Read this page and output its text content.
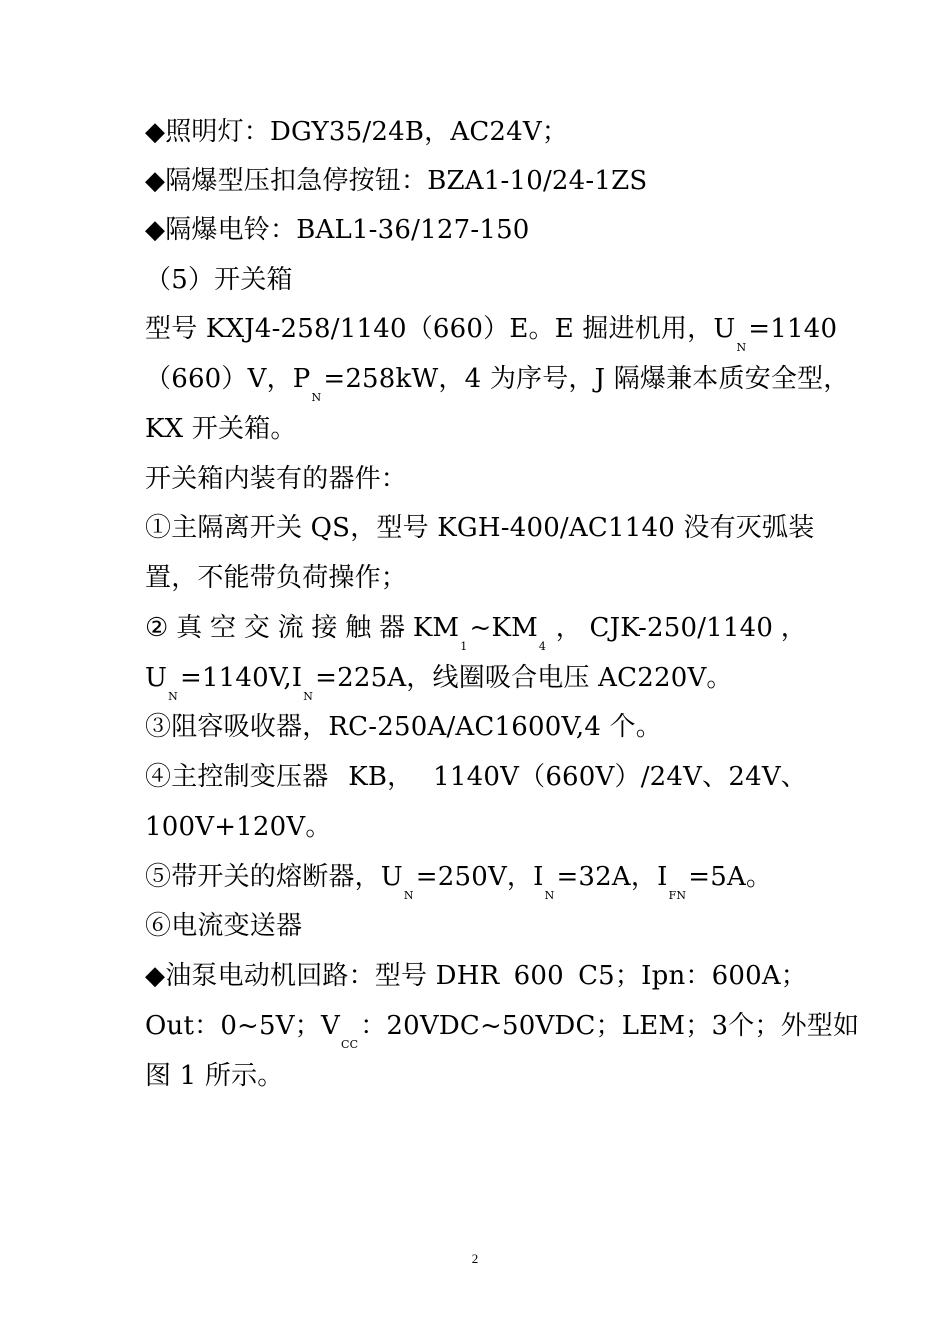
◆照明灯：DGY35/24B，AC24V；
◆隔爆型压扣急停按钮：BZA1-10/24-1ZS
◆隔爆电铃：BAL1-36/127-150
（5）开关箱
型号 KXJ4-258/1140（660）E。E 掘进机用，$U_N=1140$
（660）V，$P_N=258kW$，4 为序号，J 隔爆兼本质安全型，
KX 开关箱。
开关箱内装有的器件：
①主隔离开关 QS，型号 KGH-400/AC1140 没有灭弧装
置，不能带负荷操作；
② 真 空 交 流 接 触 器 $KM_1\sim KM_4$
， CJK-250/1140 ，
$U_N=1140V,I_N=225A$，线圈吸合电压 AC220V。
③阻容吸收器，RC-250A/AC1600V,4 个。
④主控制变压器 KB， 1140V（660V）/24V、24V、
100V+120V。
⑤带开关的熔断器，$U_N=250V$，$I_N=32A$，$I_{FN}=5A$。
⑥电流变送器
◆油泵电动机回路：型号 DHR 600 C5；Ipn：600A；
Out： 0~5V； $V_{CC}$： 20VDC~50VDC ； LEM； 3 个； 外型如
图 1 所示。
2
